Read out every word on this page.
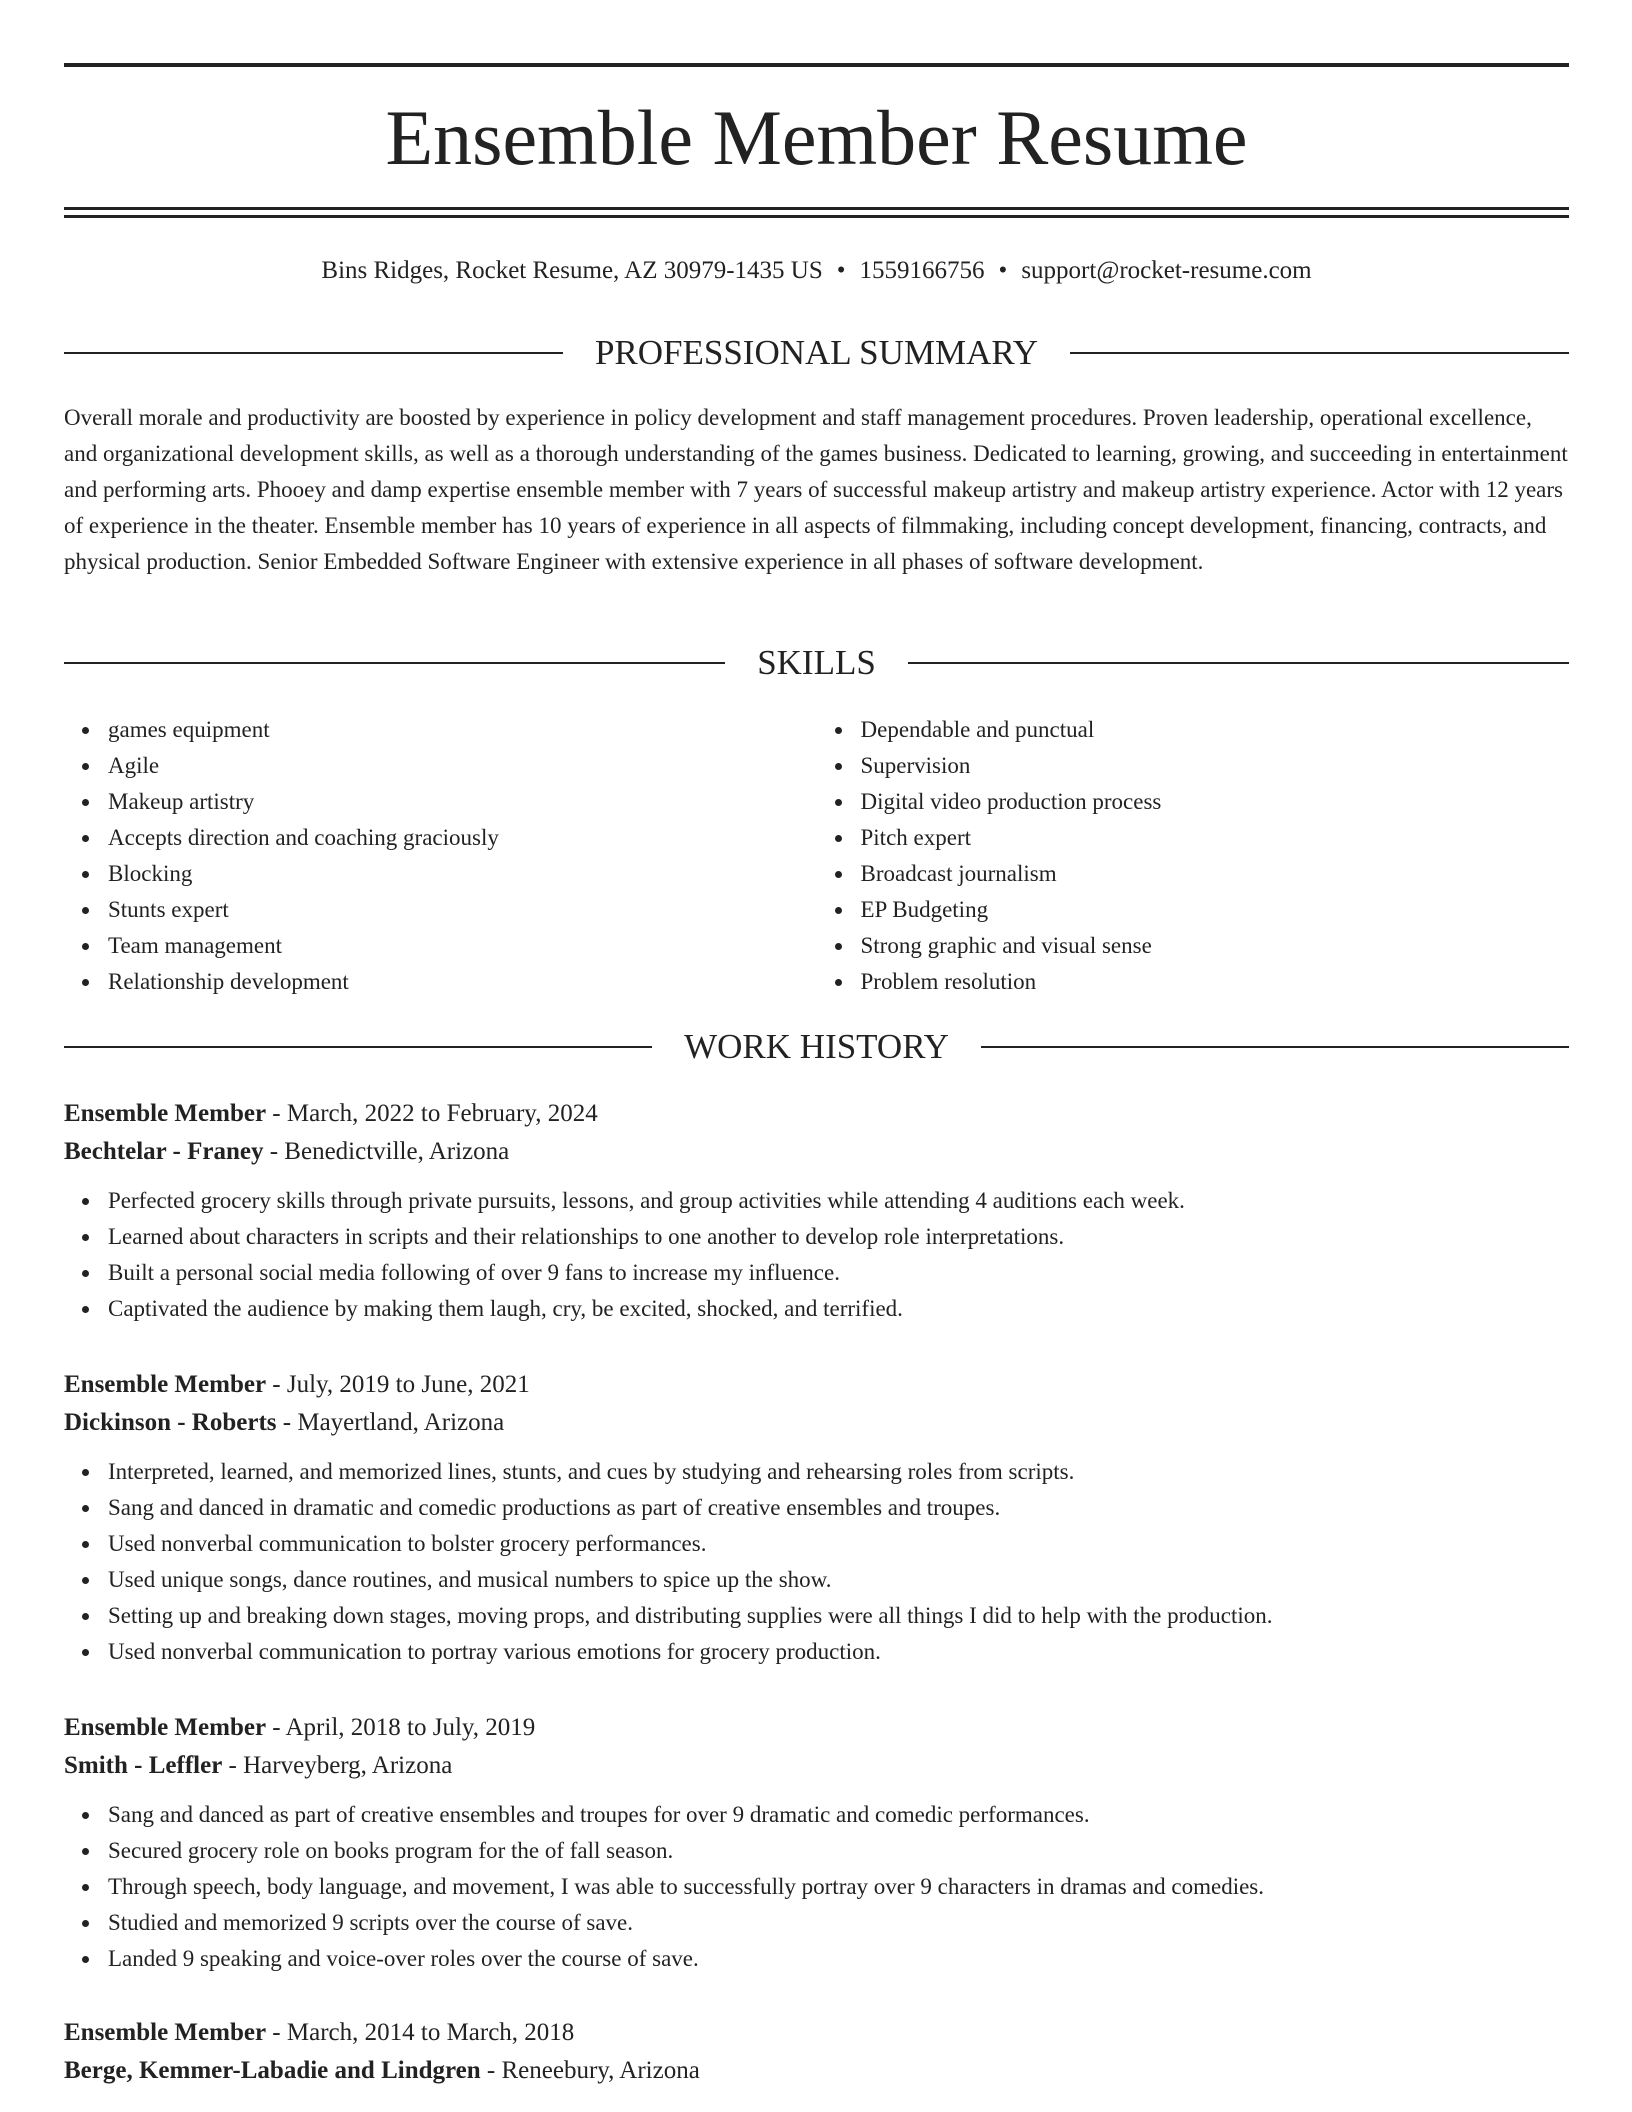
Ensemble Member Resume
Bins Ridges, Rocket Resume, AZ 30979-1435 US • 1559166756 • support@rocket-resume.com
PROFESSIONAL SUMMARY

Overall morale and productivity are boosted by experience in policy development and staff management procedures. Proven leadership, operational excellence, and organizational development skills, as well as a thorough understanding of the games business. Dedicated to learning, growing, and succeeding in entertainment and performing arts. Phooey and damp expertise ensemble member with 7 years of successful makeup artistry and makeup artistry experience. Actor with 12 years of experience in the theater. Ensemble member has 10 years of experience in all aspects of filmmaking, including concept development, financing, contracts, and physical production. Senior Embedded Software Engineer with extensive experience in all phases of software development.

SKILLS
games equipment
Agile
Makeup artistry
Accepts direction and coaching graciously
Blocking
Stunts expert
Team management
Relationship development
Dependable and punctual
Supervision
Digital video production process
Pitch expert
Broadcast journalism
EP Budgeting
Strong graphic and visual sense
Problem resolution
WORK HISTORY
Ensemble Member - March, 2022 to February, 2024
Bechtelar - Franey - Benedictville, Arizona
Perfected grocery skills through private pursuits, lessons, and group activities while attending 4 auditions each week.
Learned about characters in scripts and their relationships to one another to develop role interpretations.
Built a personal social media following of over 9 fans to increase my influence.
Captivated the audience by making them laugh, cry, be excited, shocked, and terrified.
Ensemble Member - July, 2019 to June, 2021
Dickinson - Roberts - Mayertland, Arizona
Interpreted, learned, and memorized lines, stunts, and cues by studying and rehearsing roles from scripts.
Sang and danced in dramatic and comedic productions as part of creative ensembles and troupes.
Used nonverbal communication to bolster grocery performances.
Used unique songs, dance routines, and musical numbers to spice up the show.
Setting up and breaking down stages, moving props, and distributing supplies were all things I did to help with the production.
Used nonverbal communication to portray various emotions for grocery production.
Ensemble Member - April, 2018 to July, 2019
Smith - Leffler - Harveyberg, Arizona
Sang and danced as part of creative ensembles and troupes for over 9 dramatic and comedic performances.
Secured grocery role on books program for the of fall season.
Through speech, body language, and movement, I was able to successfully portray over 9 characters in dramas and comedies.
Studied and memorized 9 scripts over the course of save.
Landed 9 speaking and voice-over roles over the course of save.
Ensemble Member - March, 2014 to March, 2018
Berge, Kemmer-Labadie and Lindgren - Reneebury, Arizona
